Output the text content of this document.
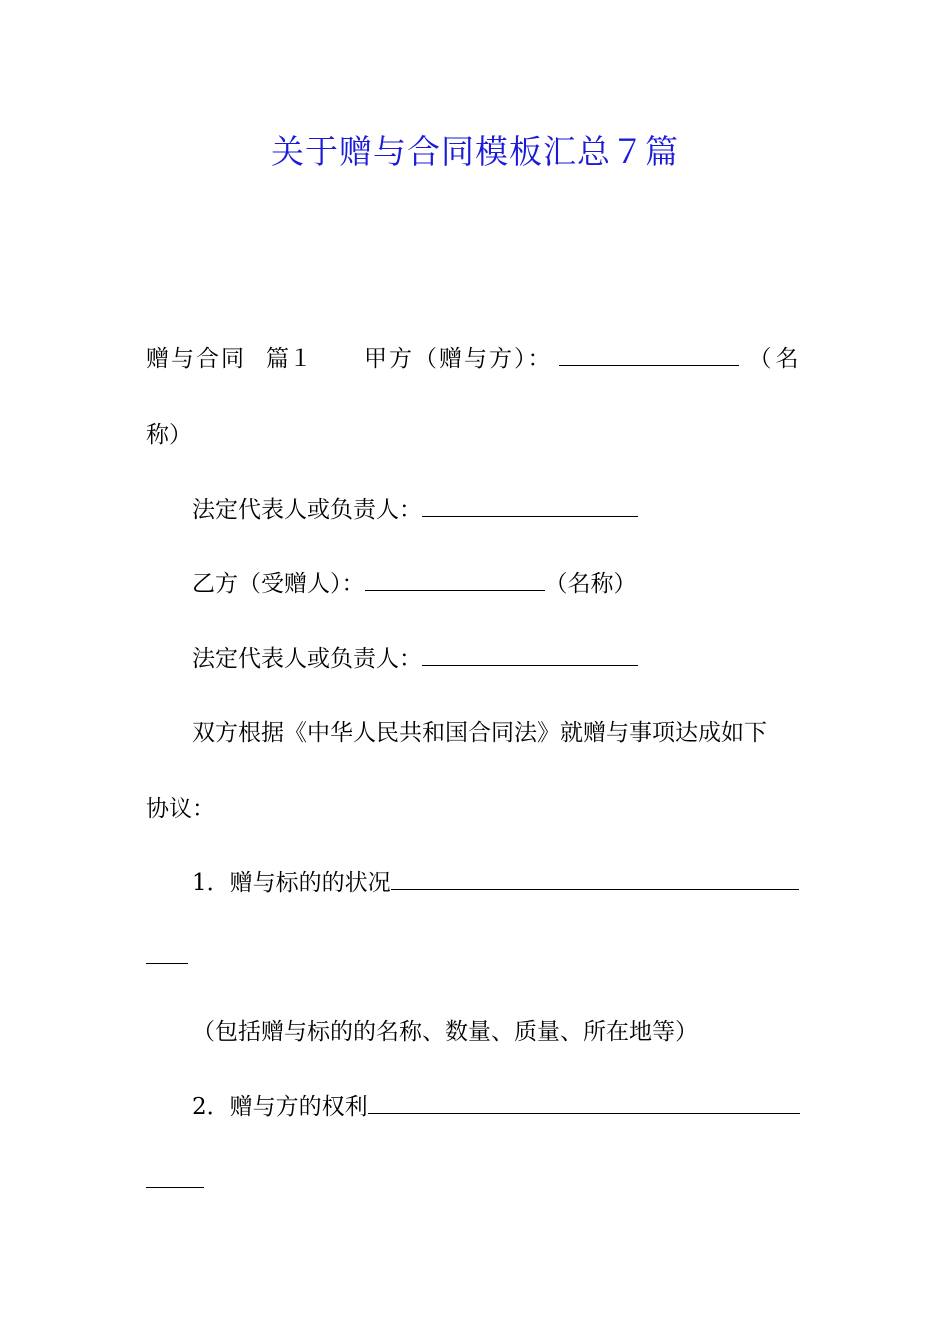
关于赠与合同模板汇总７篇
赠与合同 篇１ 甲方（赠与方）：	（名
称）
法定代表人或负责人：
乙方（受赠人）：	（名称）
法定代表人或负责人：
双方根据《中华人民共和国合同法》就赠与事项达成如下
协议：
1．赠与标的的状况
（包括赠与标的的名称、数量、质量、所在地等）
2．赠与方的权利
